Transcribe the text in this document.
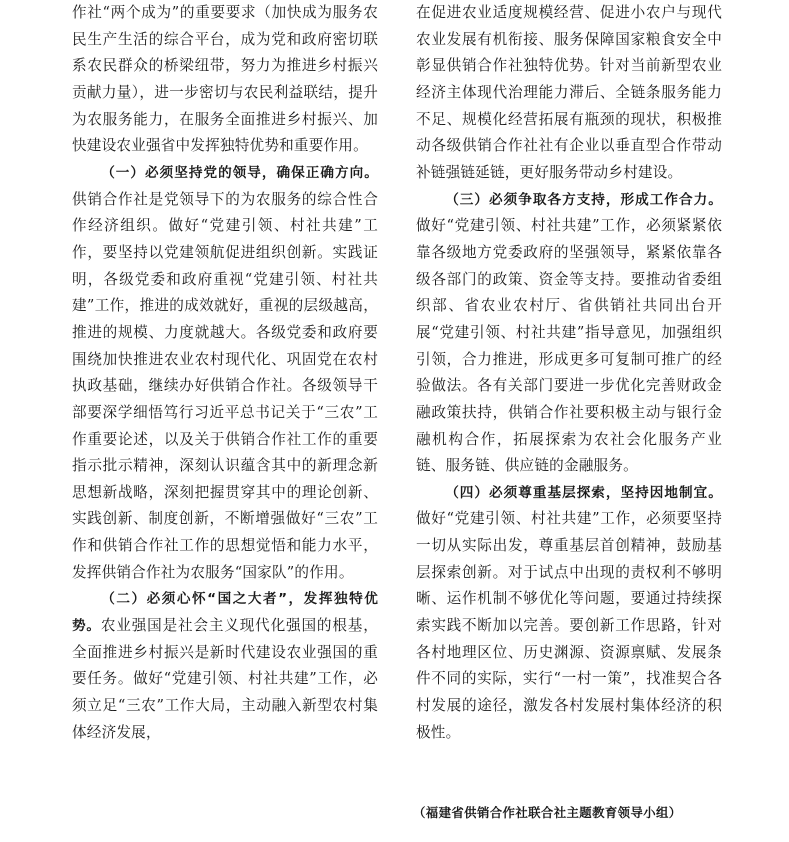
作社“两个成为”的重要要求（加快成为服务农民生产生活的综合平台，成为党和政府密切联系农民群众的桥梁纽带，努力为推进乡村振兴贡献力量），进一步密切与农民利益联结，提升为农服务能力，在服务全面推进乡村振兴、加快建设农业强省中发挥独特优势和重要作用。

（一）必须坚持党的领导，确保正确方向。供销合作社是党领导下的为农服务的综合性合作经济组织。做好“党建引领、村社共建”工作，要坚持以党建领航促进组织创新。实践证明，各级党委和政府重视“党建引领、村社共建”工作，推进的成效就好，重视的层级越高，推进的规模、力度就越大。各级党委和政府要围绕加快推进农业农村现代化、巩固党在农村执政基础，继续办好供销合作社。各级领导干部要深学细悟笃行习近平总书记关于“三农”工作重要论述，以及关于供销合作社工作的重要指示批示精神，深刻认识蕴含其中的新理念新思想新战略，深刻把握贯穿其中的理论创新、实践创新、制度创新，不断增强做好“三农”工作和供销合作社工作的思想觉悟和能力水平，发挥供销合作社为农服务“国家队”的作用。

（二）必须心怀“国之大者”，发挥独特优势。农业强国是社会主义现代化强国的根基，全面推进乡村振兴是新时代建设农业强国的重要任务。做好“党建引领、村社共建”工作，必须立足“三农”工作大局，主动融入新型农村集体经济发展，

在促进农业适度规模经营、促进小农户与现代农业发展有机衔接、服务保障国家粮食安全中彰显供销合作社独特优势。针对当前新型农业经济主体现代治理能力滞后、全链条服务能力不足、规模化经营拓展有瓶颈的现状，积极推动各级供销合作社社有企业以垂直型合作带动补链强链延链，更好服务带动乡村建设。

（三）必须争取各方支持，形成工作合力。做好“党建引领、村社共建”工作，必须紧紧依靠各级地方党委政府的坚强领导，紧紧依靠各级各部门的政策、资金等支持。要推动省委组织部、省农业农村厅、省供销社共同出台开展“党建引领、村社共建”指导意见，加强组织引领，合力推进，形成更多可复制可推广的经验做法。各有关部门要进一步优化完善财政金融政策扶持，供销合作社要积极主动与银行金融机构合作，拓展探索为农社会化服务产业链、服务链、供应链的金融服务。

（四）必须尊重基层探索，坚持因地制宜。做好“党建引领、村社共建”工作，必须要坚持一切从实际出发，尊重基层首创精神，鼓励基层探索创新。对于试点中出现的责权利不够明晰、运作机制不够优化等问题，要通过持续探索实践不断加以完善。要创新工作思路，针对各村地理区位、历史渊源、资源禀赋、发展条件不同的实际，实行“一村一策”，找准契合各村发展的途径，激发各村发展村集体经济的积极性。

（福建省供销合作社联合社主题教育领导小组）
